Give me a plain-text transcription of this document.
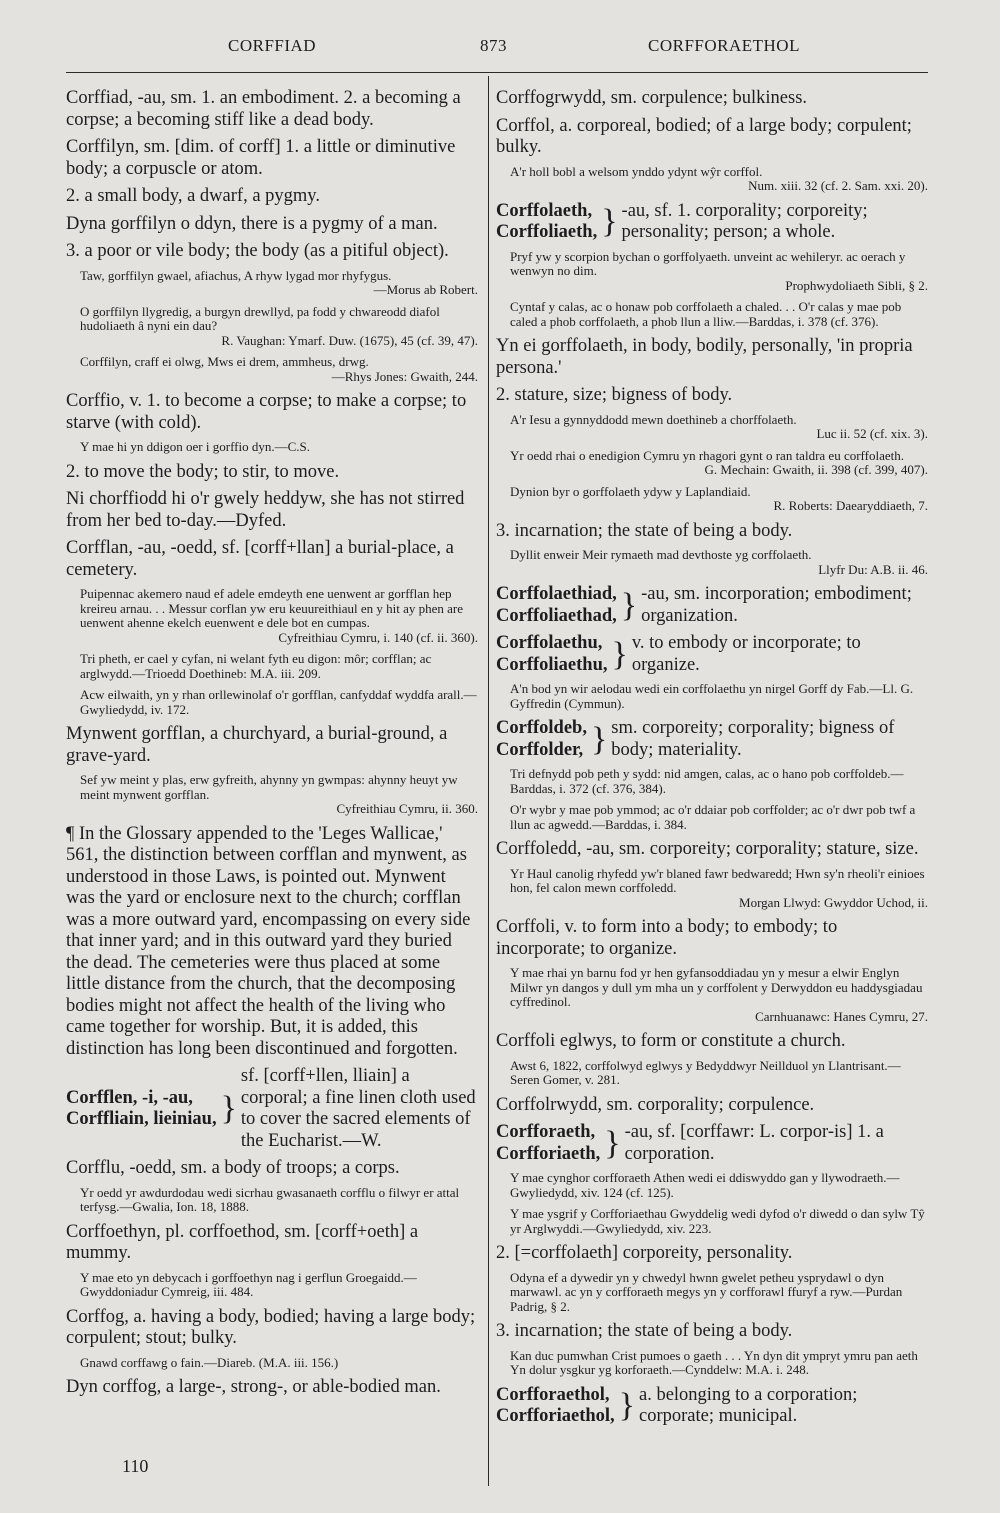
CORFFIAD	873	CORFFORAETHOL

Corffiad, -au, sm. 1. an embodiment. 2. a becoming a corpse; a becoming stiff like a dead body.

Corffilyn, sm. [dim. of corff] 1. a little or diminutive body; a corpuscle or atom.

2. a small body, a dwarf, a pygmy.

Dyna gorffilyn o ddyn, there is a pygmy of a man.

3. a poor or vile body; the body (as a pitiful object).

Taw, gorffilyn gwael, afiachus, A rhyw lygad mor rhyfygus.
—Morus ab Robert.
O gorffilyn llygredig, a burgyn drewllyd, pa fodd y chwareodd diafol hudoliaeth â nyni ein dau?
R. Vaughan: Ymarf. Duw. (1675), 45 (cf. 39, 47).
Corffilyn, craff ei olwg, Mws ei drem, ammheus, drwg.
—Rhys Jones: Gwaith, 244.

Corffio, v. 1. to become a corpse; to make a corpse; to starve (with cold).

Y mae hi yn ddigon oer i gorffio dyn.—C.S.

2. to move the body; to stir, to move.

Ni chorffiodd hi o'r gwely heddyw, she has not stirred from her bed to-day.—Dyfed.

Corfflan, -au, -oedd, sf. [corff+llan] a burial-place, a cemetery.

Puipennac akemero naud ef adele emdeyth ene uenwent ar gorfflan hep kreireu arnau. . . Messur corflan yw eru keuureithiaul en y hit ay phen are uenwent ahenne ekelch euenwent e dele bot en cumpas.
Cyfreithiau Cymru, i. 140 (cf. ii. 360).
Tri pheth, er cael y cyfan, ni welant fyth eu digon: môr; corfflan; ac arglwydd.—Trioedd Doethineb: M.A. iii. 209.
Acw eilwaith, yn y rhan orllewinolaf o'r gorfflan, canfyddaf wyddfa arall.—Gwyliedydd, iv. 172.

Mynwent gorfflan, a churchyard, a burial-ground, a grave-yard.

Sef yw meint y plas, erw gyfreith, ahynny yn gwmpas: ahynny heuyt yw meint mynwent gorfflan.
Cyfreithiau Cymru, ii. 360.

¶ In the Glossary appended to the 'Leges Wallicae,' 561, the distinction between corfflan and mynwent, as understood in those Laws, is pointed out. Mynwent was the yard or enclosure next to the church; corfflan was a more outward yard, encompassing on every side that inner yard; and in this outward yard they buried the dead. The cemeteries were thus placed at some little distance from the church, that the decomposing bodies might not affect the health of the living who came together for worship. But, it is added, this distinction has long been discontinued and forgotten.

Corfflen, -i, -au,
Corffliain, lieiniau, }
sf. [corff+llen, lliain] a corporal; a fine linen cloth used to cover the sacred elements of the Eucharist.—W.

Corfflu, -oedd, sm. a body of troops; a corps.

Yr oedd yr awdurdodau wedi sicrhau gwasanaeth corfflu o filwyr er attal terfysg.—Gwalia, Ion. 18, 1888.

Corffoethyn, pl. corffoethod, sm. [corff+oeth] a mummy.

Y mae eto yn debycach i gorffoethyn nag i gerflun Groegaidd.—Gwyddoniadur Cymreig, iii. 484.

Corffog, a. having a body, bodied; having a large body; corpulent; stout; bulky.

Gnawd corffawg o fain.—Diareb. (M.A. iii. 156.)

Dyn corffog, a large-, strong-, or able-bodied man.

Corffogrwydd, sm. corpulence; bulkiness.

Corffol, a. corporeal, bodied; of a large body; corpulent; bulky.

A'r holl bobl a welsom ynddo ydynt wŷr corffol.
Num. xiii. 32 (cf. 2. Sam. xxi. 20).
Corffolaeth,
Corffoliaeth, } -au, sf. 1. corporality; corporeity; personality; person; a whole.
Pryf yw y scorpion bychan o gorffolyaeth. unveint ac wehileryr. ac oerach y wenwyn no dim.
Prophwydoliaeth Sibli, § 2.
Cyntaf y calas, ac o honaw pob corffolaeth a chaled. . . O'r calas y mae pob caled a phob corffolaeth, a phob llun a lliw.—Barddas, i. 378 (cf. 376).

Yn ei gorffolaeth, in body, bodily, personally, 'in propria persona.'

2. stature, size; bigness of body.

A'r Iesu a gynnyddodd mewn doethineb a chorffolaeth.
Luc ii. 52 (cf. xix. 3).
Yr oedd rhai o enedigion Cymru yn rhagori gynt o ran taldra eu corffolaeth.
G. Mechain: Gwaith, ii. 398 (cf. 399, 407).
Dynion byr o gorffolaeth ydyw y Laplandiaid.
R. Roberts: Daearyddiaeth, 7.

3. incarnation; the state of being a body.

Dyllit enweir Meir rymaeth mad devthoste yg corffolaeth.
Llyfr Du: A.B. ii. 46.
Corffolaethiad,
Corffoliaethad, } -au, sm. incorporation; embodiment; organization.
Corffolaethu,
Corffoliaethu, } v. to embody or incorporate; to organize.
A'n bod yn wir aelodau wedi ein corffolaethu yn nirgel Gorff dy Fab.—Ll. G. Gyffredin (Cymmun).
Corffoldeb,
Corffolder, } sm. corporeity; corporality; bigness of body; materiality.
Tri defnydd pob peth y sydd: nid amgen, calas, ac o hano pob corffoldeb.—Barddas, i. 372 (cf. 376, 384).
O'r wybr y mae pob ymmod; ac o'r ddaiar pob corffolder; ac o'r dwr pob twf a llun ac agwedd.—Barddas, i. 384.

Corffoledd, -au, sm. corporeity; corporality; stature, size.

Yr Haul canolig rhyfedd yw'r blaned fawr bedwaredd; Hwn sy'n rheoli'r einioes hon, fel calon mewn corffoledd.
Morgan Llwyd: Gwyddor Uchod, ii.

Corffoli, v. to form into a body; to embody; to incorporate; to organize.

Y mae rhai yn barnu fod yr hen gyfansoddiadau yn y mesur a elwir Englyn Milwr yn dangos y dull ym mha un y corffolent y Derwyddon eu haddysgiadau cyffredinol.
Carnhuanawc: Hanes Cymru, 27.

Corffoli eglwys, to form or constitute a church.

Awst 6, 1822, corffolwyd eglwys y Bedyddwyr Neillduol yn Llantrisant.—Seren Gomer, v. 281.

Corffolrwydd, sm. corporality; corpulence.

Corfforaeth,
Corfforiaeth, } -au, sf. [corffawr: L. corpor-is] 1. a corporation.
Y mae cynghor corfforaeth Athen wedi ei ddiswyddo gan y llywodraeth.—Gwyliedydd, xiv. 124 (cf. 125).
Y mae ysgrif y Corfforiaethau Gwyddelig wedi dyfod o'r diwedd o dan sylw Tŷ yr Arglwyddi.—Gwyliedydd, xiv. 223.

2. [=corffolaeth] corporeity, personality.

Odyna ef a dywedir yn y chwedyl hwnn gwelet petheu ysprydawl o dyn marwawl. ac yn y corfforaeth megys yn y corfforawl ffuryf a ryw.—Purdan Padrig, § 2.

3. incarnation; the state of being a body.

Kan duc pumwhan Crist pumoes o gaeth . . . Yn dyn dit ympryt ymru pan aeth Yn dolur ysgkur yg korforaeth.—Cynddelw: M.A. i. 248.
Corfforaethol,
Corfforiaethol, } a. belonging to a corporation; corporate; municipal.
110
